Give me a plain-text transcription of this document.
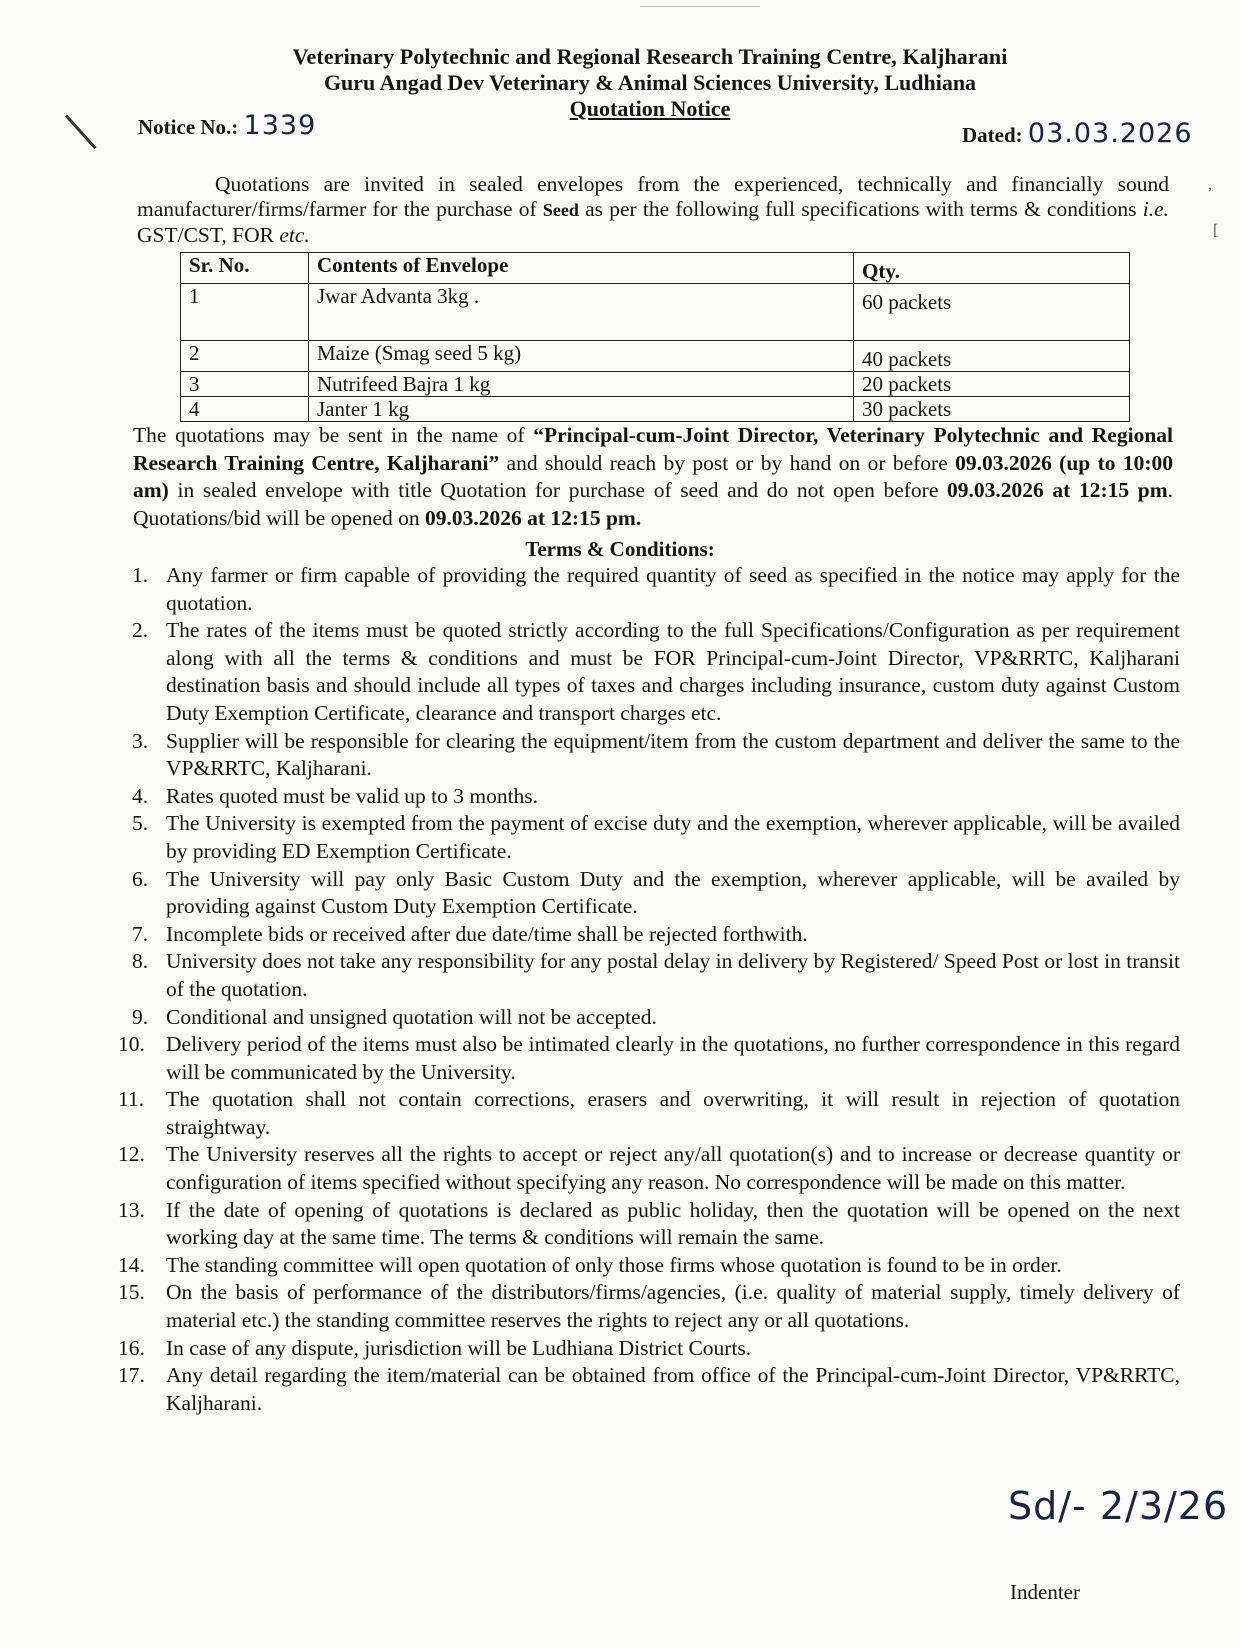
,
[
Veterinary Polytechnic and Regional Research Training Centre, Kaljharani
Guru Angad Dev Veterinary & Animal Sciences University, Ludhiana
Quotation Notice
Notice No.: 1339	Dated: 03.03.2026
Quotations are invited in sealed envelopes from the experienced, technically and financially sound manufacturer/firms/farmer for the purchase of Seed as per the following full specifications with terms & conditions i.e. GST/CST, FOR etc.
Sr. No.	Contents of Envelope	Qty.
1	Jwar Advanta 3kg .	60 packets
2	Maize (Smag seed 5 kg)	40 packets
3	Nutrifeed Bajra 1 kg	20 packets
4	Janter 1 kg	30 packets
The quotations may be sent in the name of “Principal-cum-Joint Director, Veterinary Polytechnic and Regional Research Training Centre, Kaljharani” and should reach by post or by hand on or before 09.03.2026 (up to 10:00 am) in sealed envelope with title Quotation for purchase of seed and do not open before 09.03.2026 at 12:15 pm. Quotations/bid will be opened on 09.03.2026 at 12:15 pm.
Terms & Conditions:
1. Any farmer or firm capable of providing the required quantity of seed as specified in the notice may apply for the quotation.
2. The rates of the items must be quoted strictly according to the full Specifications/Configuration as per requirement along with all the terms & conditions and must be FOR Principal-cum-Joint Director, VP&RRTC, Kaljharani destination basis and should include all types of taxes and charges including insurance, custom duty against Custom Duty Exemption Certificate, clearance and transport charges etc.
3. Supplier will be responsible for clearing the equipment/item from the custom department and deliver the same to the VP&RRTC, Kaljharani.
4. Rates quoted must be valid up to 3 months.
5. The University is exempted from the payment of excise duty and the exemption, wherever applicable, will be availed by providing ED Exemption Certificate.
6. The University will pay only Basic Custom Duty and the exemption, wherever applicable, will be availed by providing against Custom Duty Exemption Certificate.
7. Incomplete bids or received after due date/time shall be rejected forthwith.
8. University does not take any responsibility for any postal delay in delivery by Registered/ Speed Post or lost in transit of the quotation.
9. Conditional and unsigned quotation will not be accepted.
10. Delivery period of the items must also be intimated clearly in the quotations, no further correspondence in this regard will be communicated by the University.
11. The quotation shall not contain corrections, erasers and overwriting, it will result in rejection of quotation straightway.
12. The University reserves all the rights to accept or reject any/all quotation(s) and to increase or decrease quantity or configuration of items specified without specifying any reason. No correspondence will be made on this matter.
13. If the date of opening of quotations is declared as public holiday, then the quotation will be opened on the next working day at the same time. The terms & conditions will remain the same.
14. The standing committee will open quotation of only those firms whose quotation is found to be in order.
15. On the basis of performance of the distributors/firms/agencies, (i.e. quality of material supply, timely delivery of material etc.) the standing committee reserves the rights to reject any or all quotations.
16. In case of any dispute, jurisdiction will be Ludhiana District Courts.
17. Any detail regarding the item/material can be obtained from office of the Principal-cum-Joint Director, VP&RRTC, Kaljharani.
Sd/- 2/3/26
Indenter
